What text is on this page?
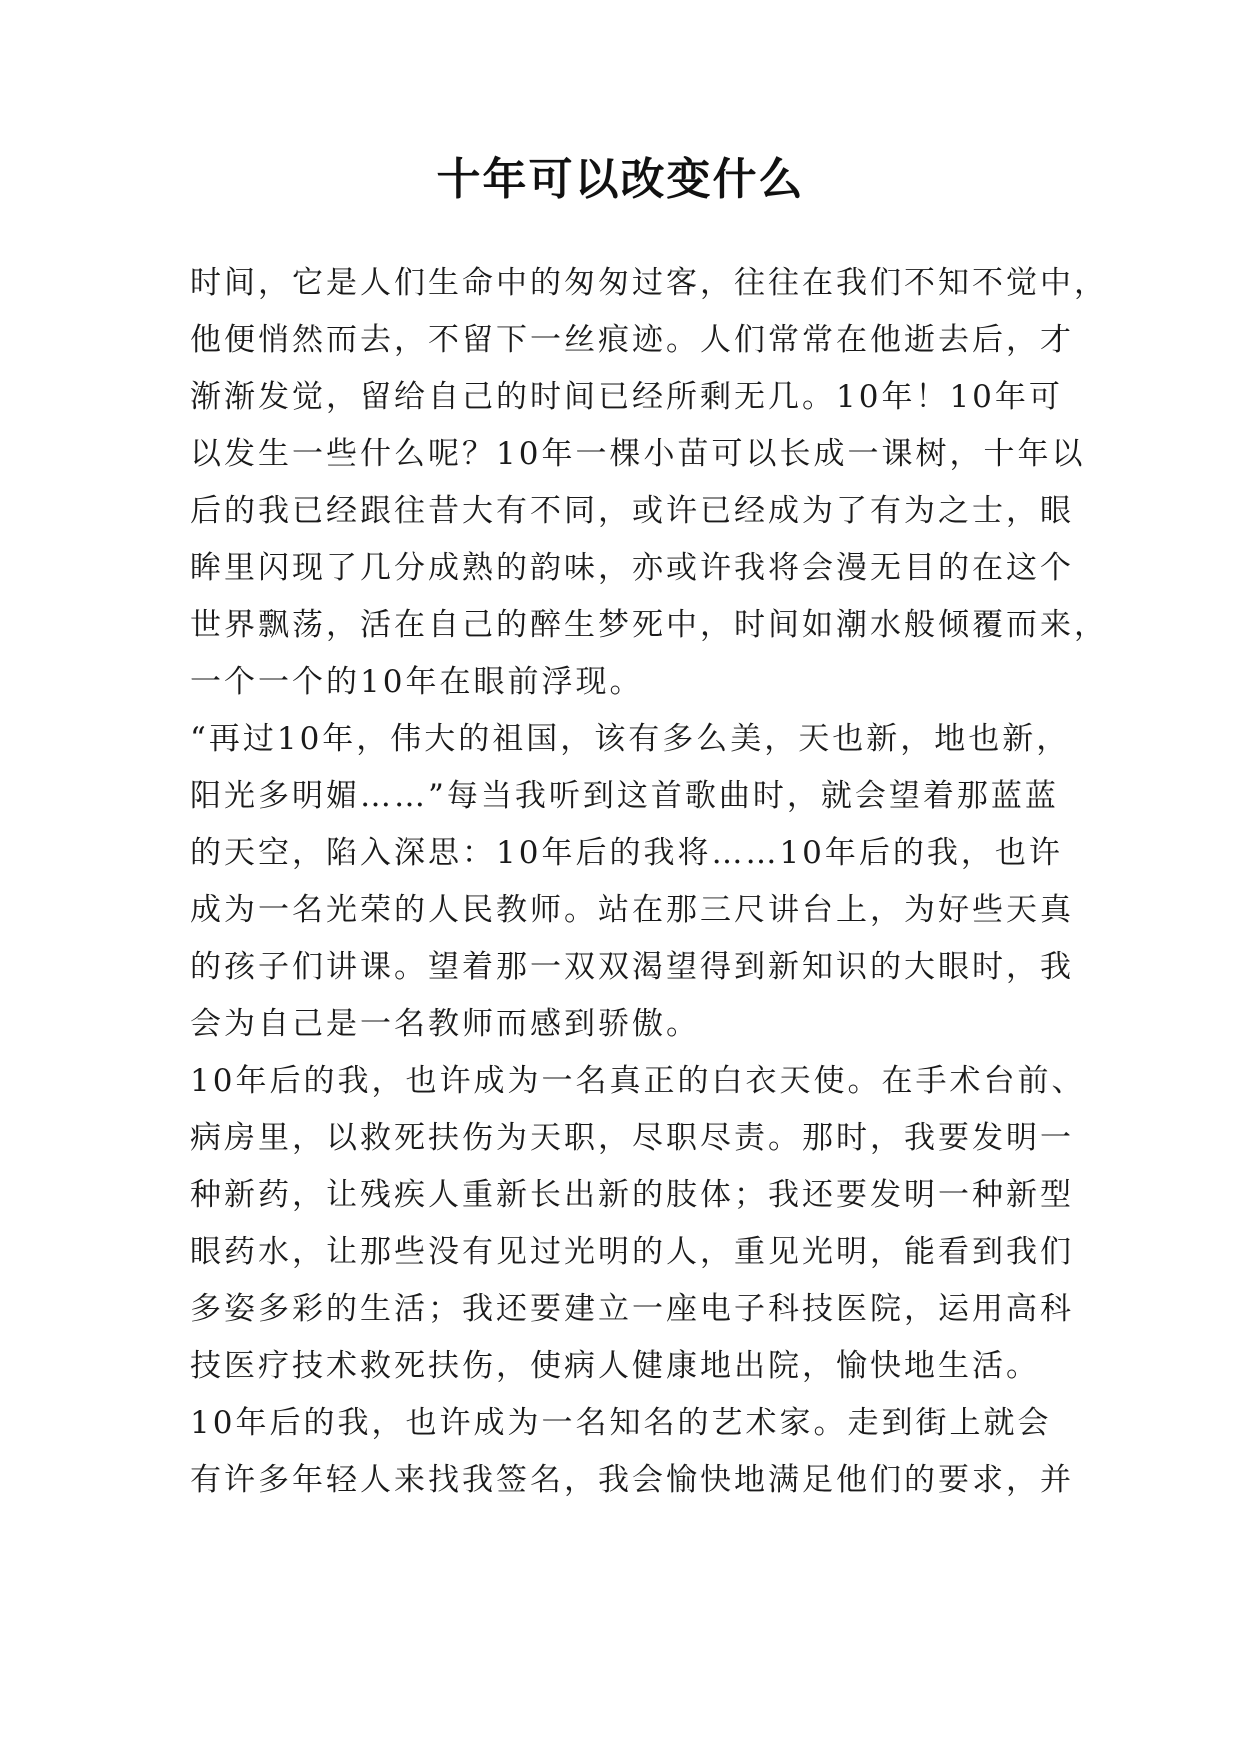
十年可以改变什么
时间，它是人们生命中的匆匆过客，往往在我们不知不觉中，
他便悄然而去，不留下一丝痕迹。人们常常在他逝去后，才
渐渐发觉，留给自己的时间已经所剩无几。10年！10年可
以发生一些什么呢？10年一棵小苗可以长成一课树，十年以
后的我已经跟往昔大有不同，或许已经成为了有为之士，眼
眸里闪现了几分成熟的韵味，亦或许我将会漫无目的在这个
世界飘荡，活在自己的醉生梦死中，时间如潮水般倾覆而来，
一个一个的10年在眼前浮现。
“再过10年，伟大的祖国，该有多么美，天也新，地也新，
阳光多明媚……”每当我听到这首歌曲时，就会望着那蓝蓝
的天空，陷入深思：10年后的我将……10年后的我，也许
成为一名光荣的人民教师。站在那三尺讲台上，为好些天真
的孩子们讲课。望着那一双双渴望得到新知识的大眼时，我
会为自己是一名教师而感到骄傲。
10年后的我，也许成为一名真正的白衣天使。在手术台前、
病房里，以救死扶伤为天职，尽职尽责。那时，我要发明一
种新药，让残疾人重新长出新的肢体；我还要发明一种新型
眼药水，让那些没有见过光明的人，重见光明，能看到我们
多姿多彩的生活；我还要建立一座电子科技医院，运用高科
技医疗技术救死扶伤，使病人健康地出院，愉快地生活。
10年后的我，也许成为一名知名的艺术家。走到街上就会
有许多年轻人来找我签名，我会愉快地满足他们的要求，并
